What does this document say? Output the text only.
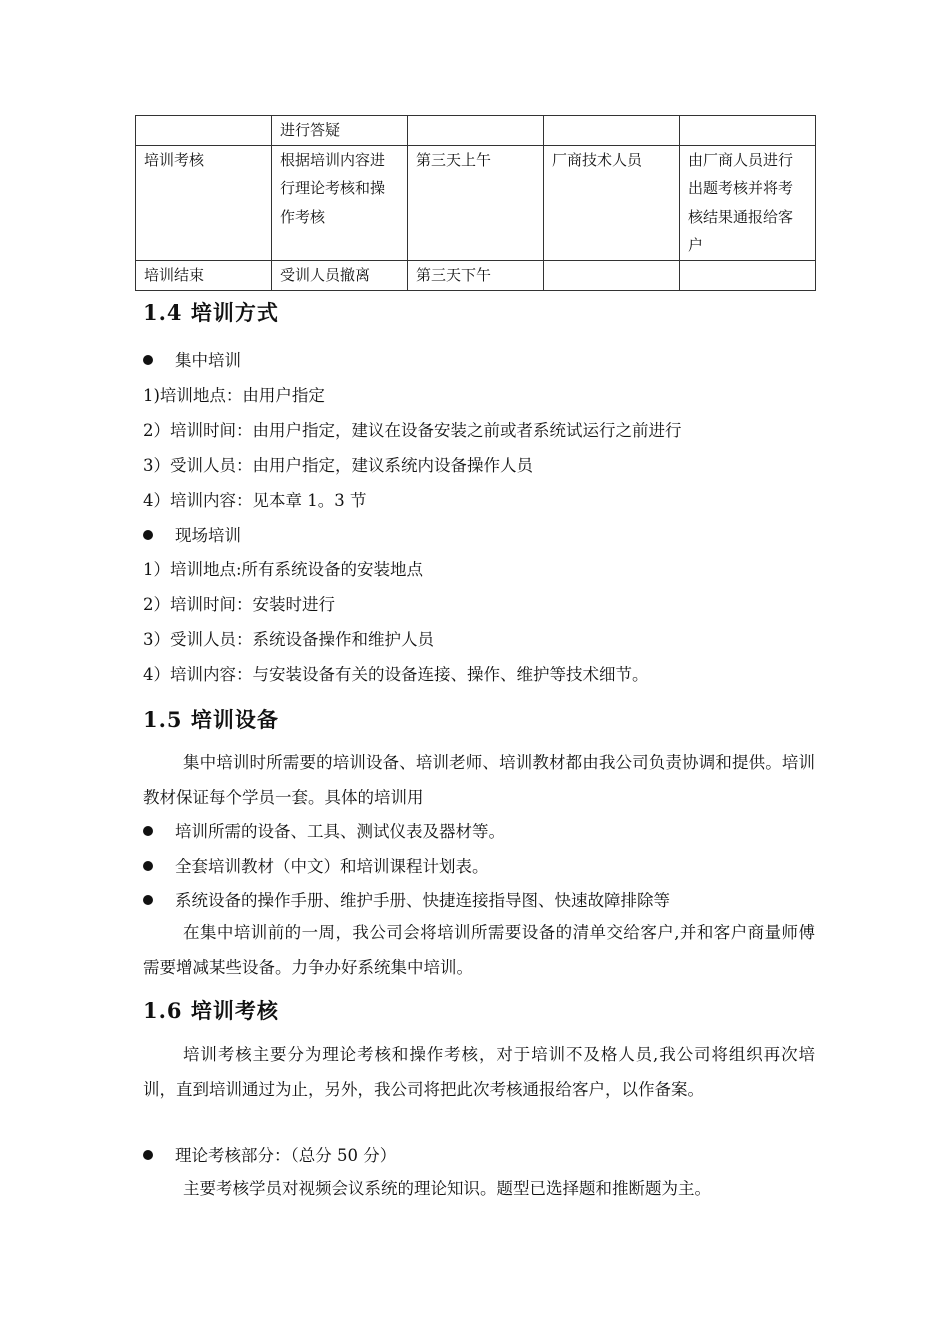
	进行答疑			
培训考核	根据培训内容进行理论考核和操作考核	第三天上午	厂商技术人员	由厂商人员进行出题考核并将考核结果通报给客户
培训结束	受训人员撤离	第三天下午		
1.4 培训方式
集中培训
1)培训地点：由用户指定
2）培训时间：由用户指定，建议在设备安装之前或者系统试运行之前进行
3）受训人员：由用户指定，建议系统内设备操作人员
4）培训内容：见本章 1。3 节
现场培训
1）培训地点:所有系统设备的安装地点
2）培训时间：安装时进行
3）受训人员：系统设备操作和维护人员
4）培训内容：与安装设备有关的设备连接、操作、维护等技术细节。
1.5 培训设备
集中培训时所需要的培训设备、培训老师、培训教材都由我公司负责协调和提供。培训教材保证每个学员一套。具体的培训用
培训所需的设备、工具、测试仪表及器材等。
全套培训教材（中文）和培训课程计划表。
系统设备的操作手册、维护手册、快捷连接指导图、快速故障排除等
在集中培训前的一周，我公司会将培训所需要设备的清单交给客户,并和客户商量师傅需要增减某些设备。力争办好系统集中培训。
1.6 培训考核
培训考核主要分为理论考核和操作考核，对于培训不及格人员,我公司将组织再次培训，直到培训通过为止，另外，我公司将把此次考核通报给客户，以作备案。
理论考核部分：（总分 50 分）
主要考核学员对视频会议系统的理论知识。题型已选择题和推断题为主。
